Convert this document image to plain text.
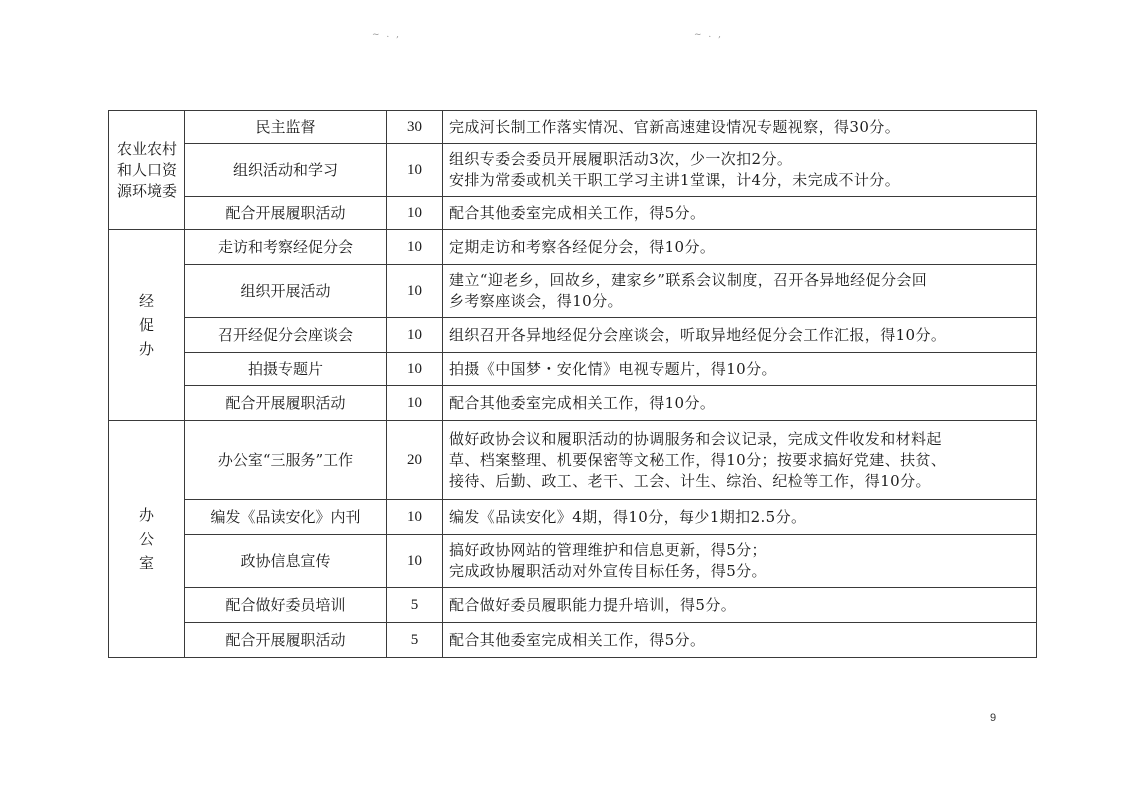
~ . ,	~ . ,
农业农村和人口资源环境委	民主监督	30	完成河长制工作落实情况、官新高速建设情况专题视察，得30分。

	组织活动和学习	10	组织专委会委员开展履职活动3次，少一次扣2分。
安排为常委或机关干职工学习主讲1堂课，计4分，未完成不计分。

	配合开展履职活动	10	配合其他委室完成相关工作，得5分。

经促办	走访和考察经促分会	10	定期走访和考察各经促分会，得10分。

	组织开展活动	10	建立“迎老乡，回故乡，建家乡”联系会议制度，召开各异地经促分会回
乡考察座谈会，得10分。

	召开经促分会座谈会	10	组织召开各异地经促分会座谈会，听取异地经促分会工作汇报，得10分。

	拍摄专题片	10	拍摄《中国梦・安化情》电视专题片，得10分。

	配合开展履职活动	10	配合其他委室完成相关工作，得10分。

办公室	办公室“三服务”工作	20	做好政协会议和履职活动的协调服务和会议记录，完成文件收发和材料起
草、档案整理、机要保密等文秘工作，得10分；按要求搞好党建、扶贫、
接待、后勤、政工、老干、工会、计生、综治、纪检等工作，得10分。

	编发《品读安化》内刊	10	编发《品读安化》4期，得10分，每少1期扣2.5分。

	政协信息宣传	10	搞好政协网站的管理维护和信息更新，得5分；
完成政协履职活动对外宣传目标任务，得5分。

	配合做好委员培训	5	配合做好委员履职能力提升培训，得5分。

	配合开展履职活动	5	配合其他委室完成相关工作，得5分。
9
